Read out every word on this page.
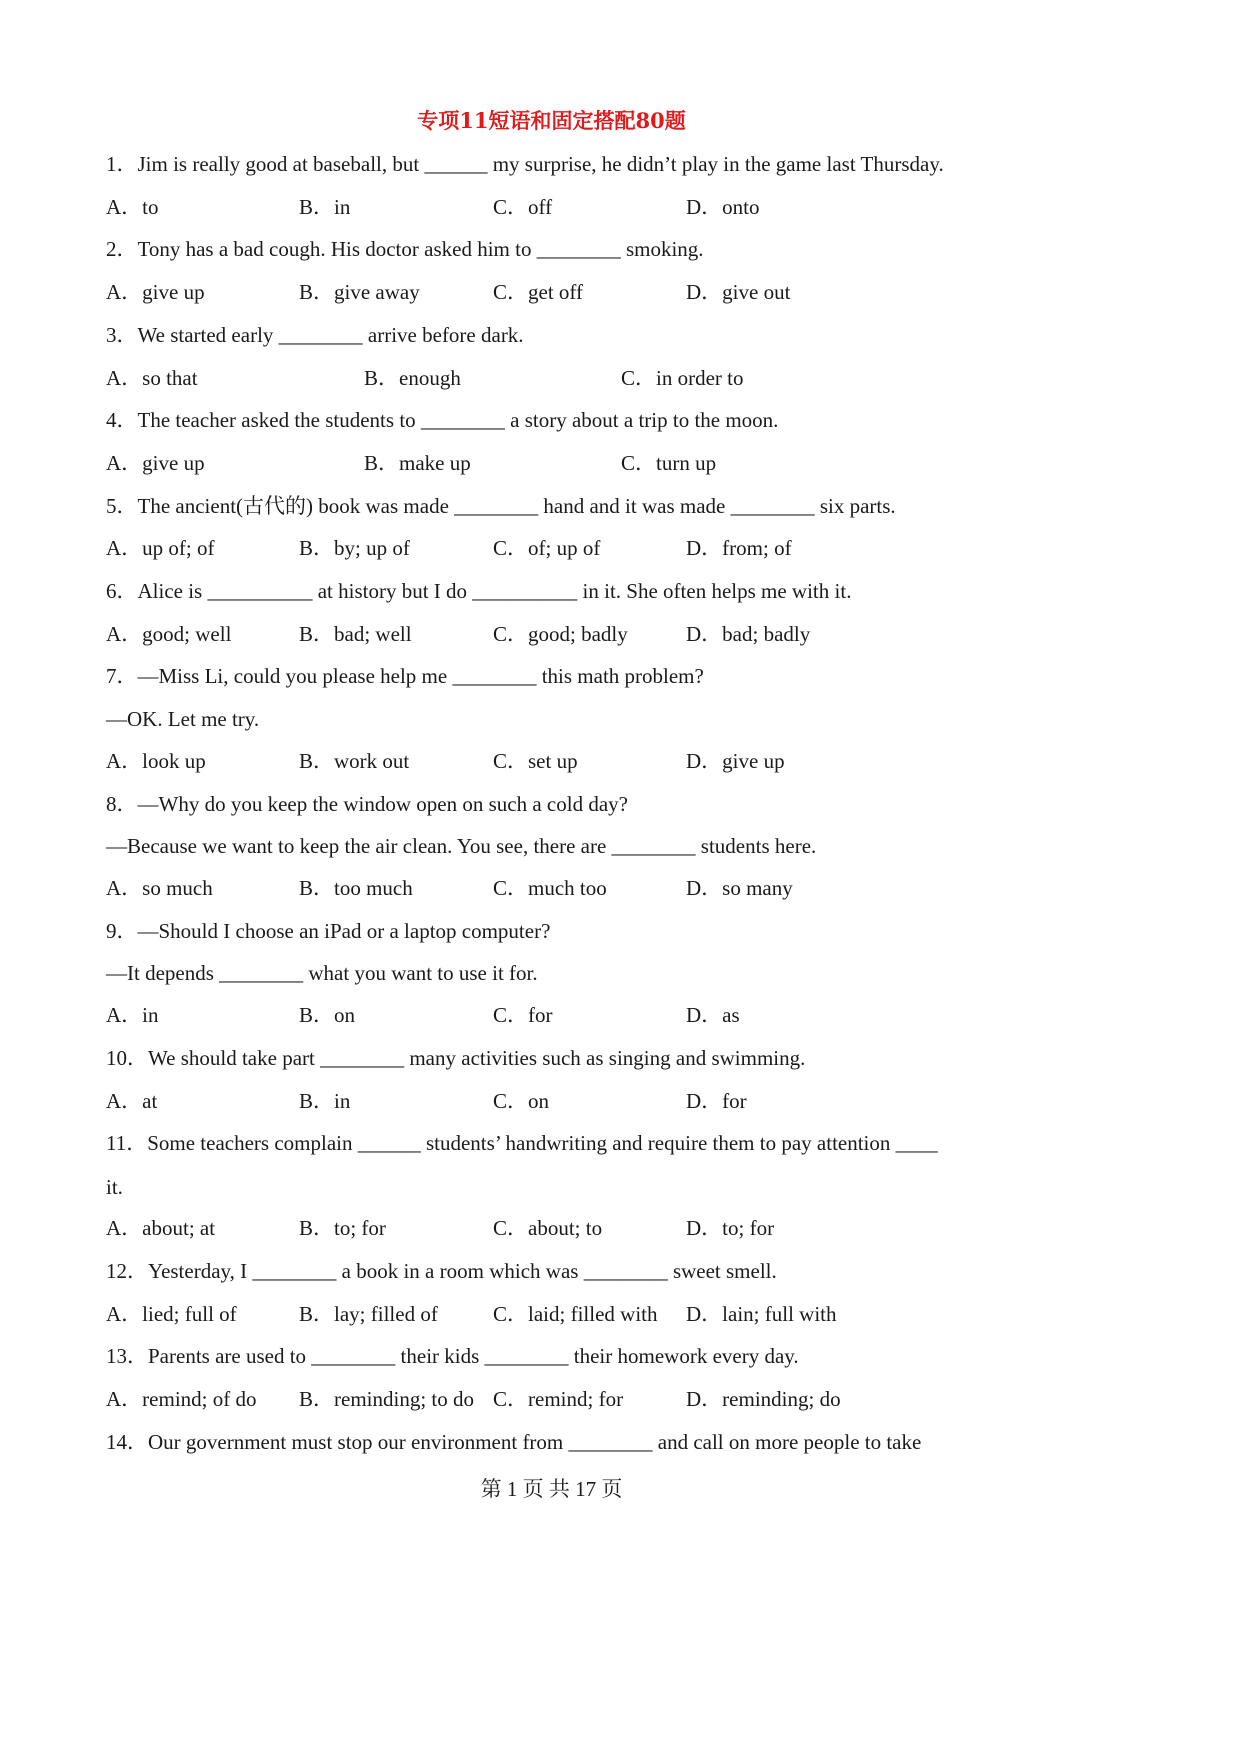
专项11短语和固定搭配80题
1．Jim is really good at baseball, but ______ my surprise, he didn’t play in the game last Thursday.
2．Tony has a bad cough. His doctor asked him to ________ smoking.
3．We started early ________ arrive before dark.
4．The teacher asked the students to ________ a story about a trip to the moon.
5．The ancient(古代的) book was made ________ hand and it was made ________ six parts.
6．Alice is __________ at history but I do __________ in it. She often helps me with it.
7．—Miss Li, could you please help me ________ this math problem?
—OK. Let me try.
8．—Why do you keep the window open on such a cold day?
—Because we want to keep the air clean. You see, there are ________ students here.
9．—Should I choose an iPad or a laptop computer?
—It depends ________ what you want to use it for.
10．We should take part ________ many activities such as singing and swimming.
11．Some teachers complain ______ students’ handwriting and require them to pay attention ____
it.
12．Yesterday, I ________ a book in a room which was ________ sweet smell.
13．Parents are used to ________ their kids ________ their homework every day.
14．Our government must stop our environment from ________ and call on more people to take
A．to	B．in	C．off	D．onto
A．give up	B．give away	C．get off	D．give out
A．so that	B．enough	C．in order to
A．give up	B．make up	C．turn up
A．up of; of	B．by; up of	C．of; up of	D．from; of
A．good; well	B．bad; well	C．good; badly	D．bad; badly
A．look up	B．work out	C．set up	D．give up
A．so much	B．too much	C．much too	D．so many
A．in	B．on	C．for	D．as
A．at	B．in	C．on	D．for
A．about; at	B．to; for	C．about; to	D．to; for
A．lied; full of	B．lay; filled of	C．laid; filled with D．lain; full with
A．remind; of do B．reminding; to do C．remind; for	D．reminding; do
第 1 页 共 17 页
